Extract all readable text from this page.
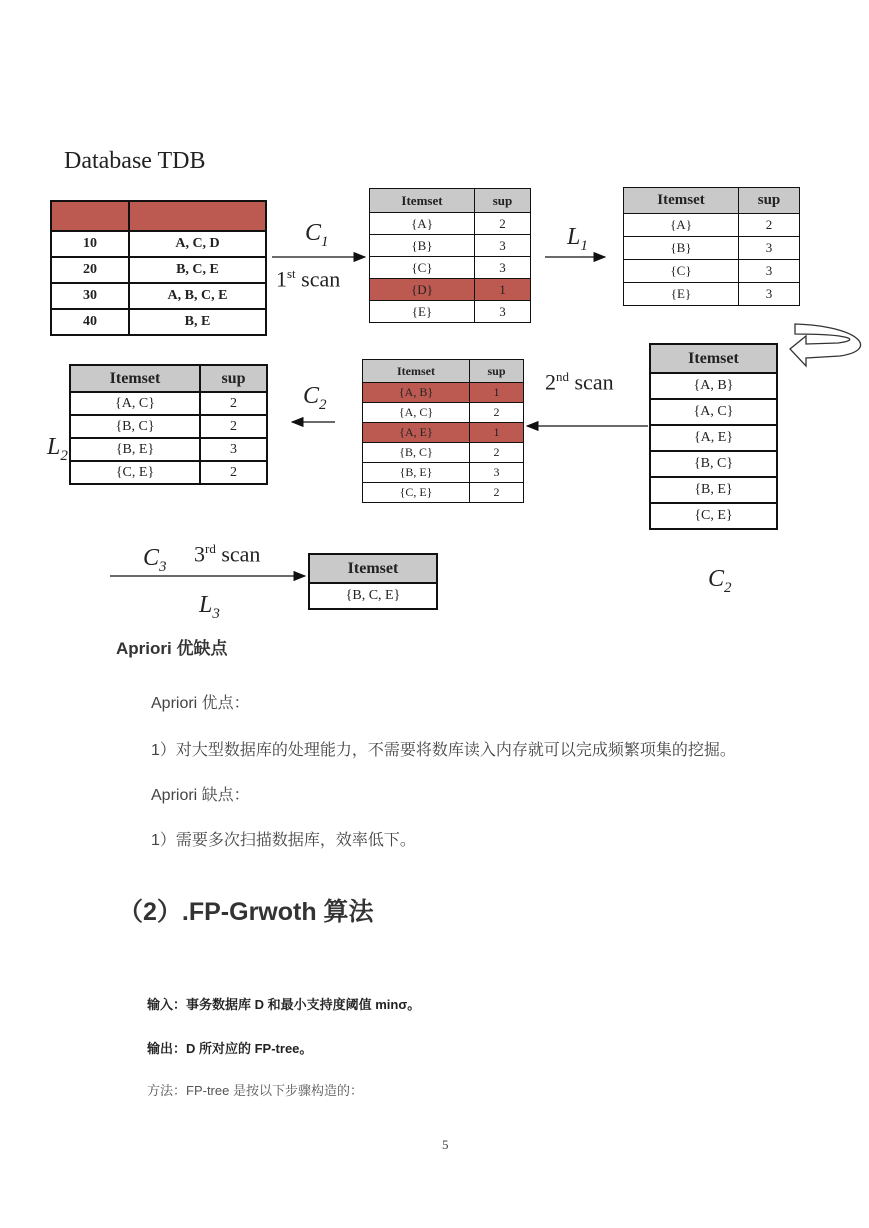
Database TDB

10	A, C, D
20	B, C, E
30	A, B, C, E
40	B, E
$C_1$
1st scan
Itemset	sup
{A}	2
{B}	3
{C}	3
{D}	1
{E}	3
$L_1$
Itemset	sup
{A}	2
{B}	3
{C}	3
{E}	3
Itemset
{A, B}
{A, C}
{A, E}
{B, C}
{B, E}
{C, E}
$C_2$
2nd scan
Itemset	sup
{A, B}	1
{A, C}	2
{A, E}	1
{B, C}	2
{B, E}	3
{C, E}	2
$C_2$
Itemset	sup
{A, C}	2
{B, C}	2
{B, E}	3
{C, E}	2
$L_2$
$C_3$
3rd scan
$L_3$
Itemset
{B, C, E}
Apriori 优缺点
Apriori 优点：
1）对大型数据库的处理能力，不需要将数库读入内存就可以完成频繁项集的挖掘。
Apriori 缺点：
1）需要多次扫描数据库，效率低下。
（2）.FP-Grwoth 算法
输入：事务数据库 D 和最小支持度阈值 minσ。
输出：D 所对应的 FP-tree。
方法：FP-tree 是按以下步骤构造的：
5
